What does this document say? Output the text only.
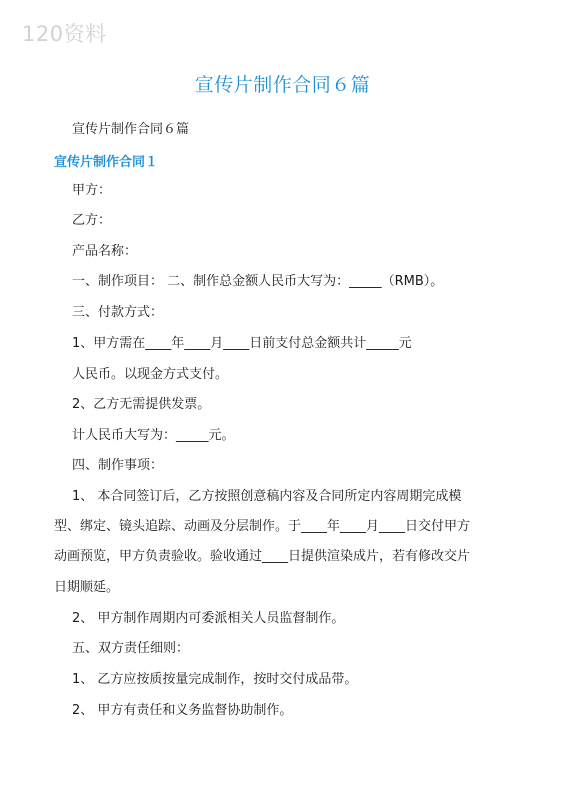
120资料
宣传片制作合同６篇
宣传片制作合同６篇
宣传片制作合同１
甲方：
乙方：
产品名称：
一、制作项目： 二、制作总金额人民币大写为：_____（RMB）。
三、付款方式：
1、甲方需在____年____月____日前支付总金额共计_____元
人民币。以现金方式支付。
2、乙方无需提供发票。
计人民币大写为：_____元。
四、制作事项：
1、 本合同签订后，乙方按照创意稿内容及合同所定内容周期完成模
型、绑定、镜头追踪、动画及分层制作。于____年____月____日交付甲方
动画预览，甲方负责验收。验收通过____日提供渲染成片，若有修改交片
日期顺延。
2、 甲方制作周期内可委派相关人员监督制作。
五、双方责任细则：
1、 乙方应按质按量完成制作，按时交付成品带。
2、 甲方有责任和义务监督协助制作。
